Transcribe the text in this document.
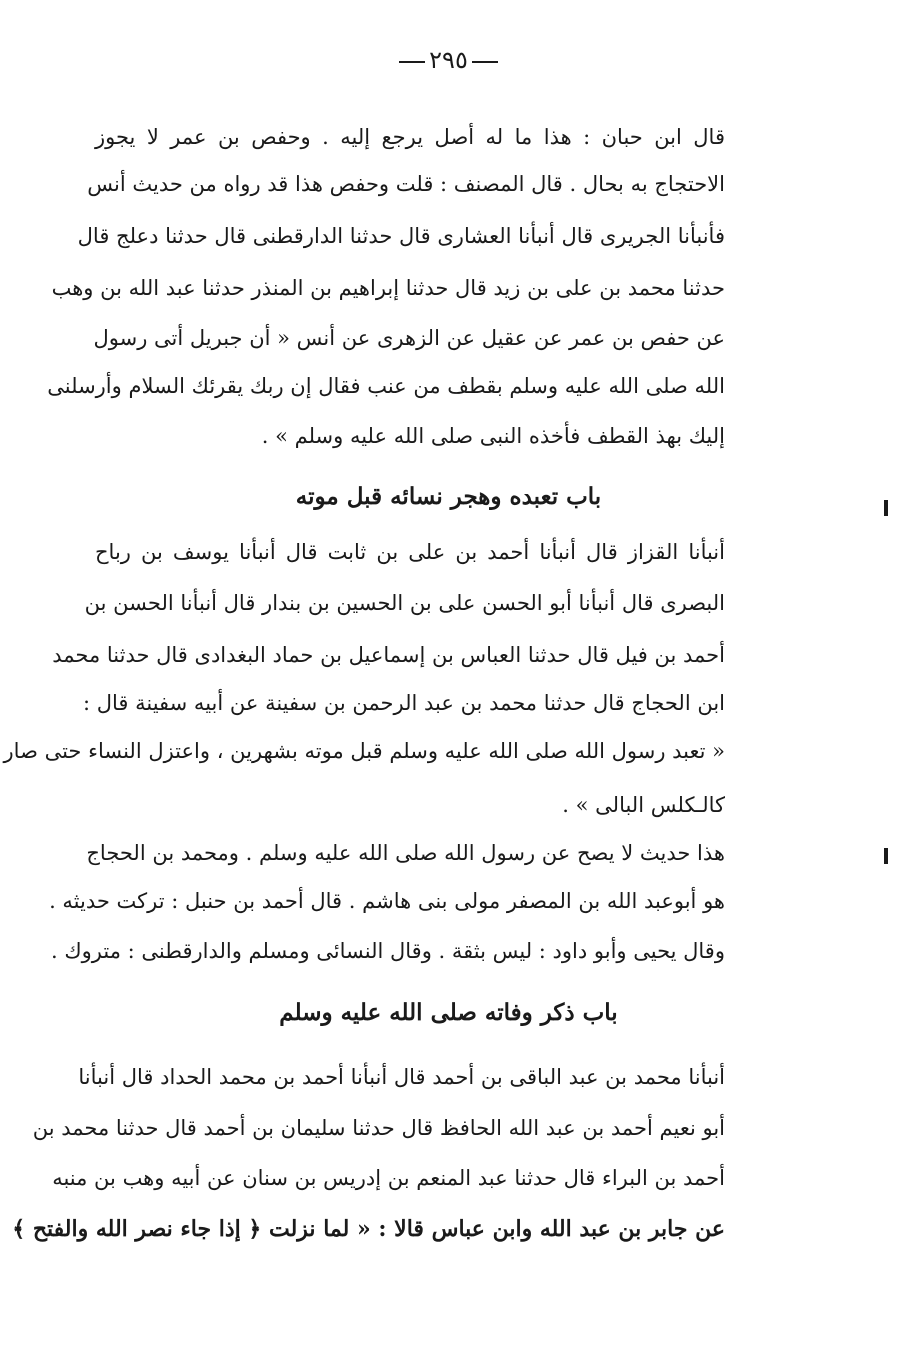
٢٩٥
قال ابن حبان : هذا ما له أصل يرجع إليه . وحفص بن عمر لا يجوز
الاحتجاج به بحال . قال المصنف : قلت وحفص هذا قد رواه من حديث أنس
فأنبأنا الجريرى قال أنبأنا العشارى قال حدثنا الدارقطنى قال حدثنا دعلج قال
حدثنا محمد بن على بن زيد قال حدثنا إبراهيم بن المنذر حدثنا عبد الله بن وهب
عن حفص بن عمر عن عقيل عن الزهرى عن أنس « أن جبريل أتى رسول
الله صلى الله عليه وسلم بقطف من عنب فقال إن ربك يقرئك السلام وأرسلنى
إليك بهذ القطف فأخذه النبى صلى الله عليه وسلم » .
باب تعبده وهجر نسائه قبل موته
أنبأنا القزاز قال أنبأنا أحمد بن على بن ثابت قال أنبأنا يوسف بن رباح
البصرى قال أنبأنا أبو الحسن على بن الحسين بن بندار قال أنبأنا الحسن بن
أحمد بن فيل قال حدثنا العباس بن إسماعيل بن حماد البغدادى قال حدثنا محمد
ابن الحجاج قال حدثنا محمد بن عبد الرحمن بن سفينة عن أبيه سفينة قال :
« تعبد رسول الله صلى الله عليه وسلم قبل موته بشهرين ، واعتزل النساء حتى صار
كالـكلس البالى » .
هذا حديث لا يصح عن رسول الله صلى الله عليه وسلم . ومحمد بن الحجاج
هو أبوعبد الله بن المصفر مولى بنى هاشم . قال أحمد بن حنبل : تركت حديثه .
وقال يحيى وأبو داود : ليس بثقة . وقال النسائى ومسلم والدارقطنى : متروك .
باب ذكر وفاته صلى الله عليه وسلم
أنبأنا محمد بن عبد الباقى بن أحمد قال أنبأنا أحمد بن محمد الحداد قال أنبأنا
أبو نعيم أحمد بن عبد الله الحافظ قال حدثنا سليمان بن أحمد قال حدثنا محمد بن
أحمد بن البراء قال حدثنا عبد المنعم بن إدريس بن سنان عن أبيه وهب بن منبه
عن جابر بن عبد الله وابن عباس قالا : « لما نزلت ﴿ إذا جاء نصر الله والفتح ﴾
